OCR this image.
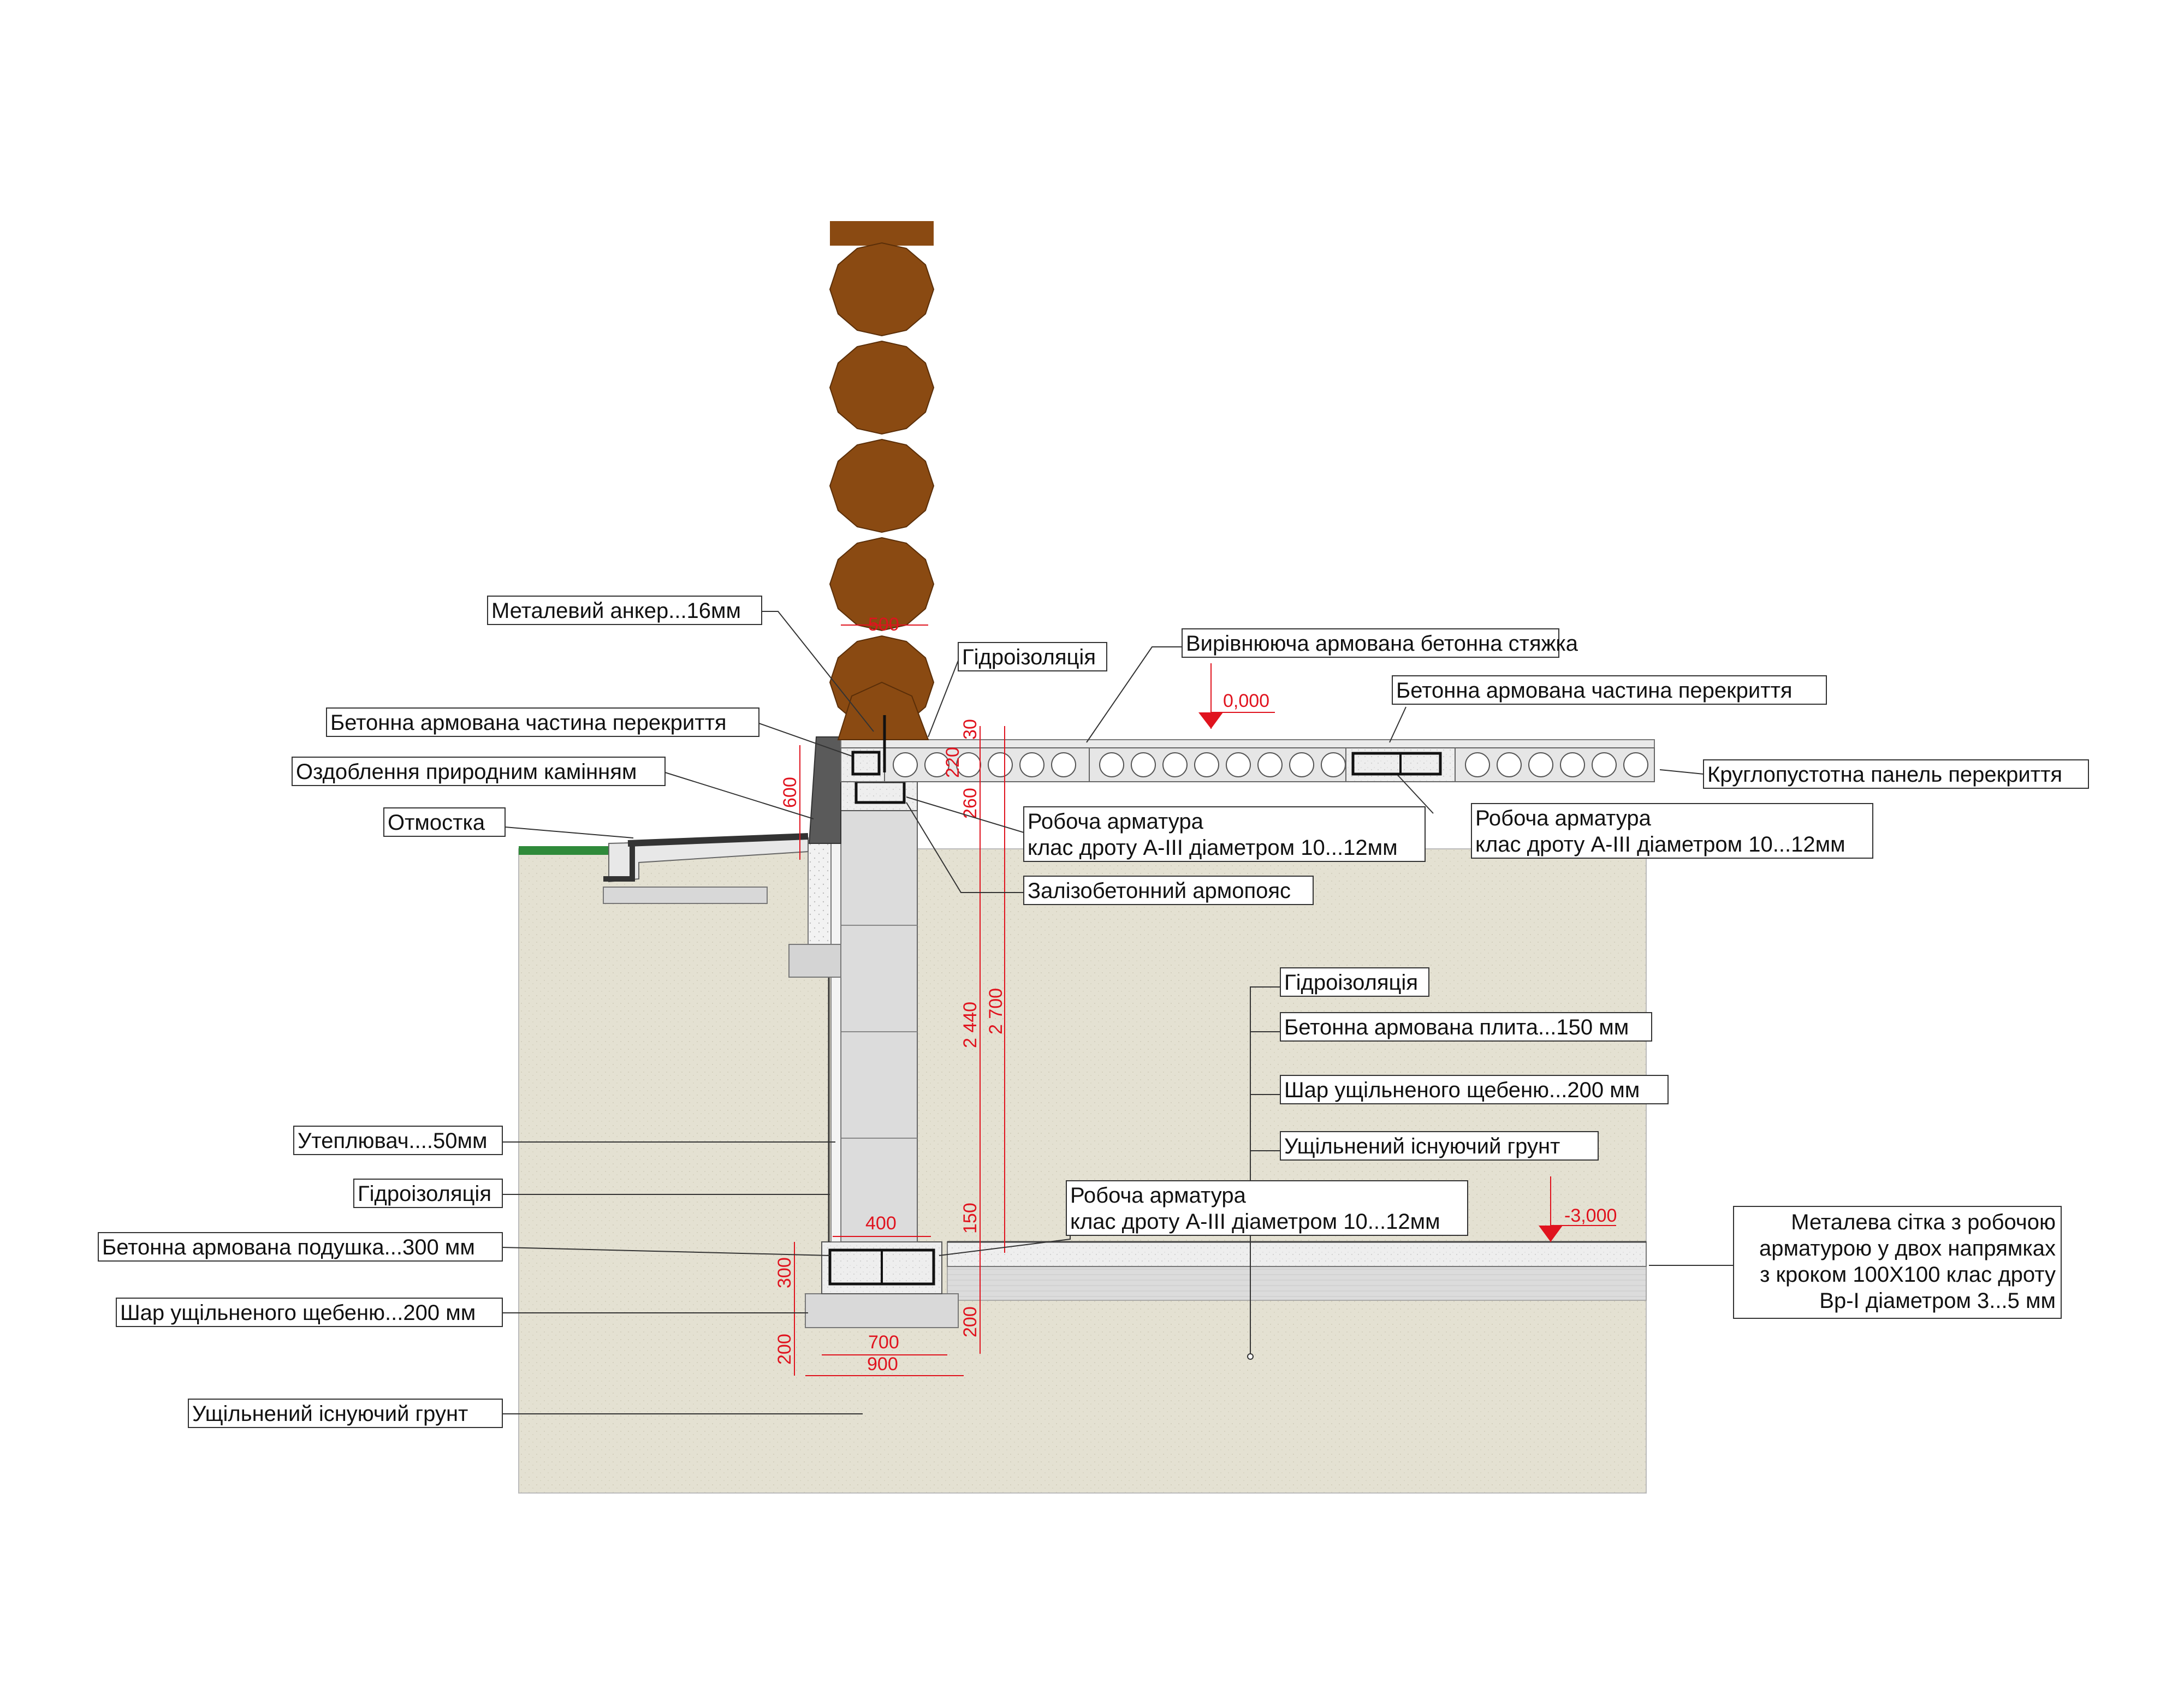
500
30
220
260
2 440 2 700
150
200
600
300
200
400
700
900
0,000
-3,000
Металевий анкер...16мм
Гідроізоляція
Вирівнююча армована бетонна стяжка
Бетонна армована частина перекриття
Бетонна армована частина перекриття
Оздоблення природним камінням	Круглопустотна панель перекриття
Отмостка	Робоча арматура
клас дроту А-ІІІ діаметром 10...12мм
Робоча арматура
клас дроту А-ІІІ діаметром 10...12мм
Залізобетонний армопояс
Гідроізоляція
Бетонна армована плита...150 мм
Шар ущільненого щебеню...200 мм
Ущільнений існуючий грунт
Утеплювач....50мм
Гідроізоляція	Робоча арматура
клас дроту А-ІІІ діаметром 10...12мм
Бетонна армована подушка...300 мм
Шар ущільненого щебеню...200 мм
Ущільнений існуючий грунт
Металева сітка з робочою
арматурою у двох напрямках
з кроком 100Х100 клас дроту
Вр-І діаметром 3...5 мм
